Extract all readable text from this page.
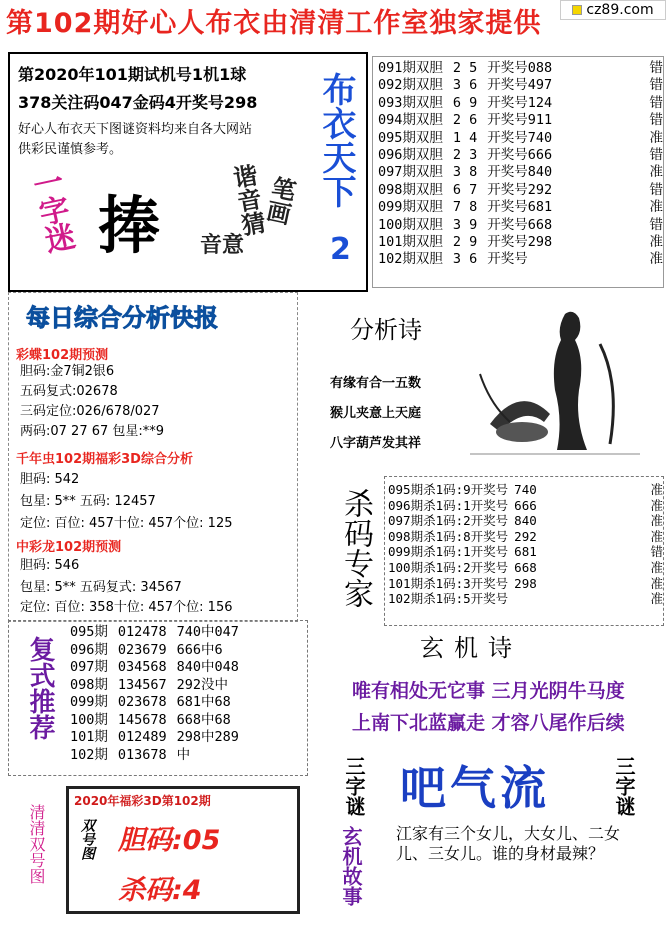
第102期好心人布衣由清清工作室独家提供	cz89.com
第2020年101期试机号1机1球
378关注码047金码4开奖号298
好心人布衣天下图谜资料均来自各大网站
供彩民谨慎参考。
一字迷 捧	谐音猜
笔画
音意
布衣天下
2
091期双胆 2 5 开奖号088	错
092期双胆 3 6 开奖号497	错
093期双胆 6 9 开奖号124	错
094期双胆 2 6 开奖号911	错
095期双胆 1 4 开奖号740	准
096期双胆 2 3 开奖号666	错
097期双胆 3 8 开奖号840	准
098期双胆 6 7 开奖号292	错
099期双胆 7 8 开奖号681	准
100期双胆 3 9 开奖号668	错
101期双胆 2 9 开奖号298	准
102期双胆 3 6 开奖号	准
每日综合分析快报
彩蝶102期预测
胆码:金7铜2银6
五码复式:02678
三码定位:026/678/027
两码:07 27 67 包星:**9
千年虫102期福彩3D综合分析
胆码: 542
包星: 5** 五码: 12457
定位: 百位: 457十位: 457个位: 125
中彩龙102期预测
胆码: 546
包星: 5** 五码复式: 34567
定位: 百位: 358十位: 457个位: 156
分析诗
有缘有合一五数
猴儿夹意上天庭
八字葫芦发其祥
杀码专家 095期杀1码: 9开奖号 740	准
096期杀1码: 1开奖号 666	准
097期杀1码: 2开奖号 840	准
098期杀1码: 8开奖号 292	准
099期杀1码: 1开奖号 681	错
100期杀1码: 2开奖号 668	准
101期杀1码: 3开奖号 298	准
102期杀1码: 5开奖号	准
复式推荐
095期 012478 740中047
096期 023679 666中6
097期 034568 840中048
098期 134567 292没中
099期 023678 681中68
100期 145678 668中68
101期 012489 298中289
102期 013678 中
玄机诗
唯有相处无它事 三月光阴牛马度
上南下北蓝赢走 才容八尾作后续
三字谜 吧气流	三字谜
玄机故事 江家有三个女儿，大女儿、二女儿、三女儿。谁的身材最辣？
清清双号图
2020年福彩3D第102期
双号图 胆码:05
杀码:4
